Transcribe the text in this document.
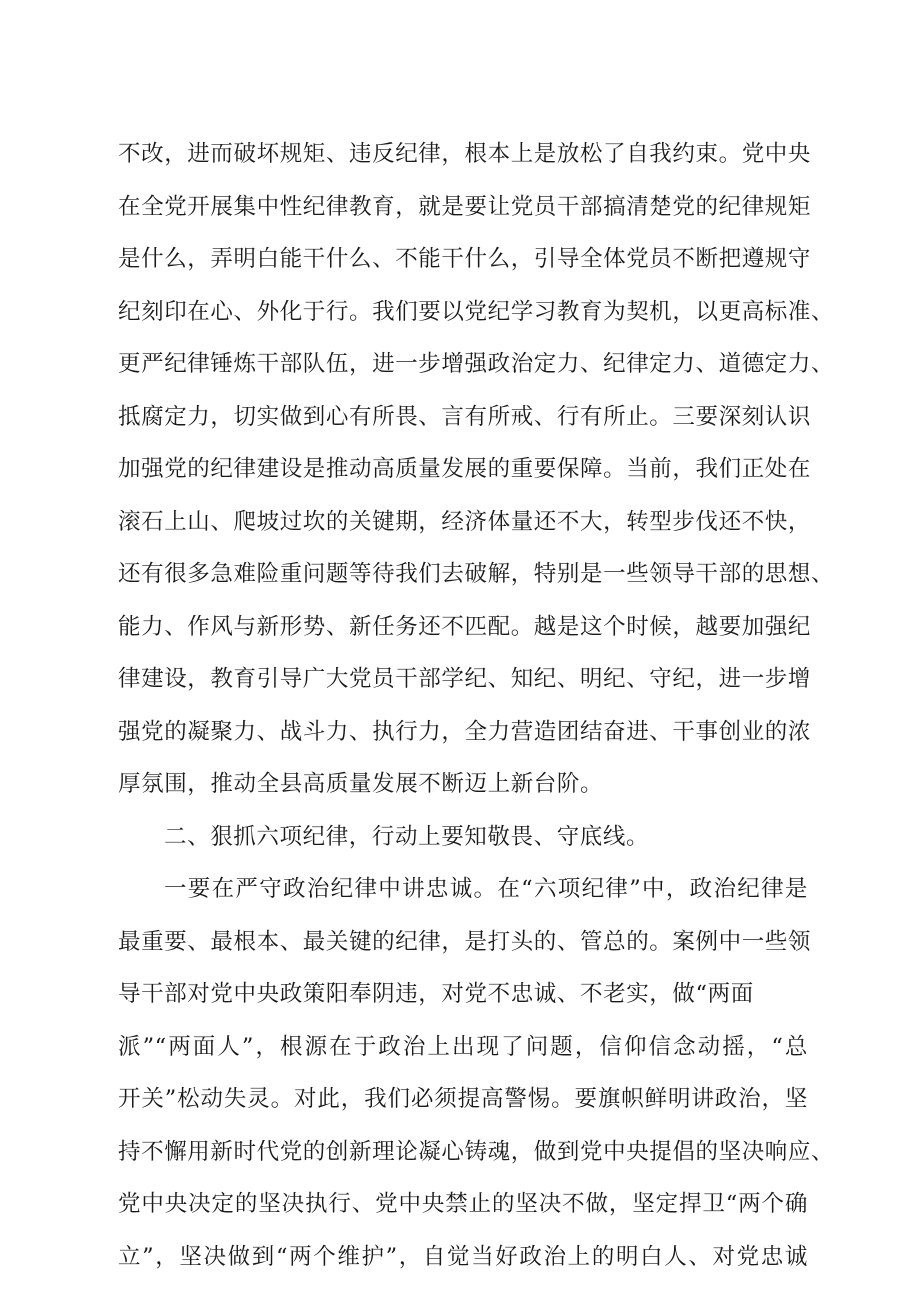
不改，进而破坏规矩、违反纪律，根本上是放松了自我约束。党中央
在全党开展集中性纪律教育，就是要让党员干部搞清楚党的纪律规矩
是什么，弄明白能干什么、不能干什么，引导全体党员不断把遵规守
纪刻印在心、外化于行。我们要以党纪学习教育为契机，以更高标准、
更严纪律锤炼干部队伍，进一步增强政治定力、纪律定力、道德定力、
抵腐定力，切实做到心有所畏、言有所戒、行有所止。三要深刻认识
加强党的纪律建设是推动高质量发展的重要保障。当前，我们正处在
滚石上山、爬坡过坎的关键期，经济体量还不大，转型步伐还不快，
还有很多急难险重问题等待我们去破解，特别是一些领导干部的思想、
能力、作风与新形势、新任务还不匹配。越是这个时候，越要加强纪
律建设，教育引导广大党员干部学纪、知纪、明纪、守纪，进一步增
强党的凝聚力、战斗力、执行力，全力营造团结奋进、干事创业的浓
厚氛围，推动全县高质量发展不断迈上新台阶。
二、狠抓六项纪律，行动上要知敬畏、守底线。
一要在严守政治纪律中讲忠诚。在“六项纪律”中，政治纪律是
最重要、最根本、最关键的纪律，是打头的、管总的。案例中一些领
导干部对党中央政策阳奉阴违，对党不忠诚、不老实，做“两面
派”“两面人”，根源在于政治上出现了问题，信仰信念动摇，“总
开关”松动失灵。对此，我们必须提高警惕。要旗帜鲜明讲政治，坚
持不懈用新时代党的创新理论凝心铸魂，做到党中央提倡的坚决响应、
党中央决定的坚决执行、党中央禁止的坚决不做，坚定捍卫“两个确
立”，坚决做到“两个维护”，自觉当好政治上的明白人、对党忠诚
